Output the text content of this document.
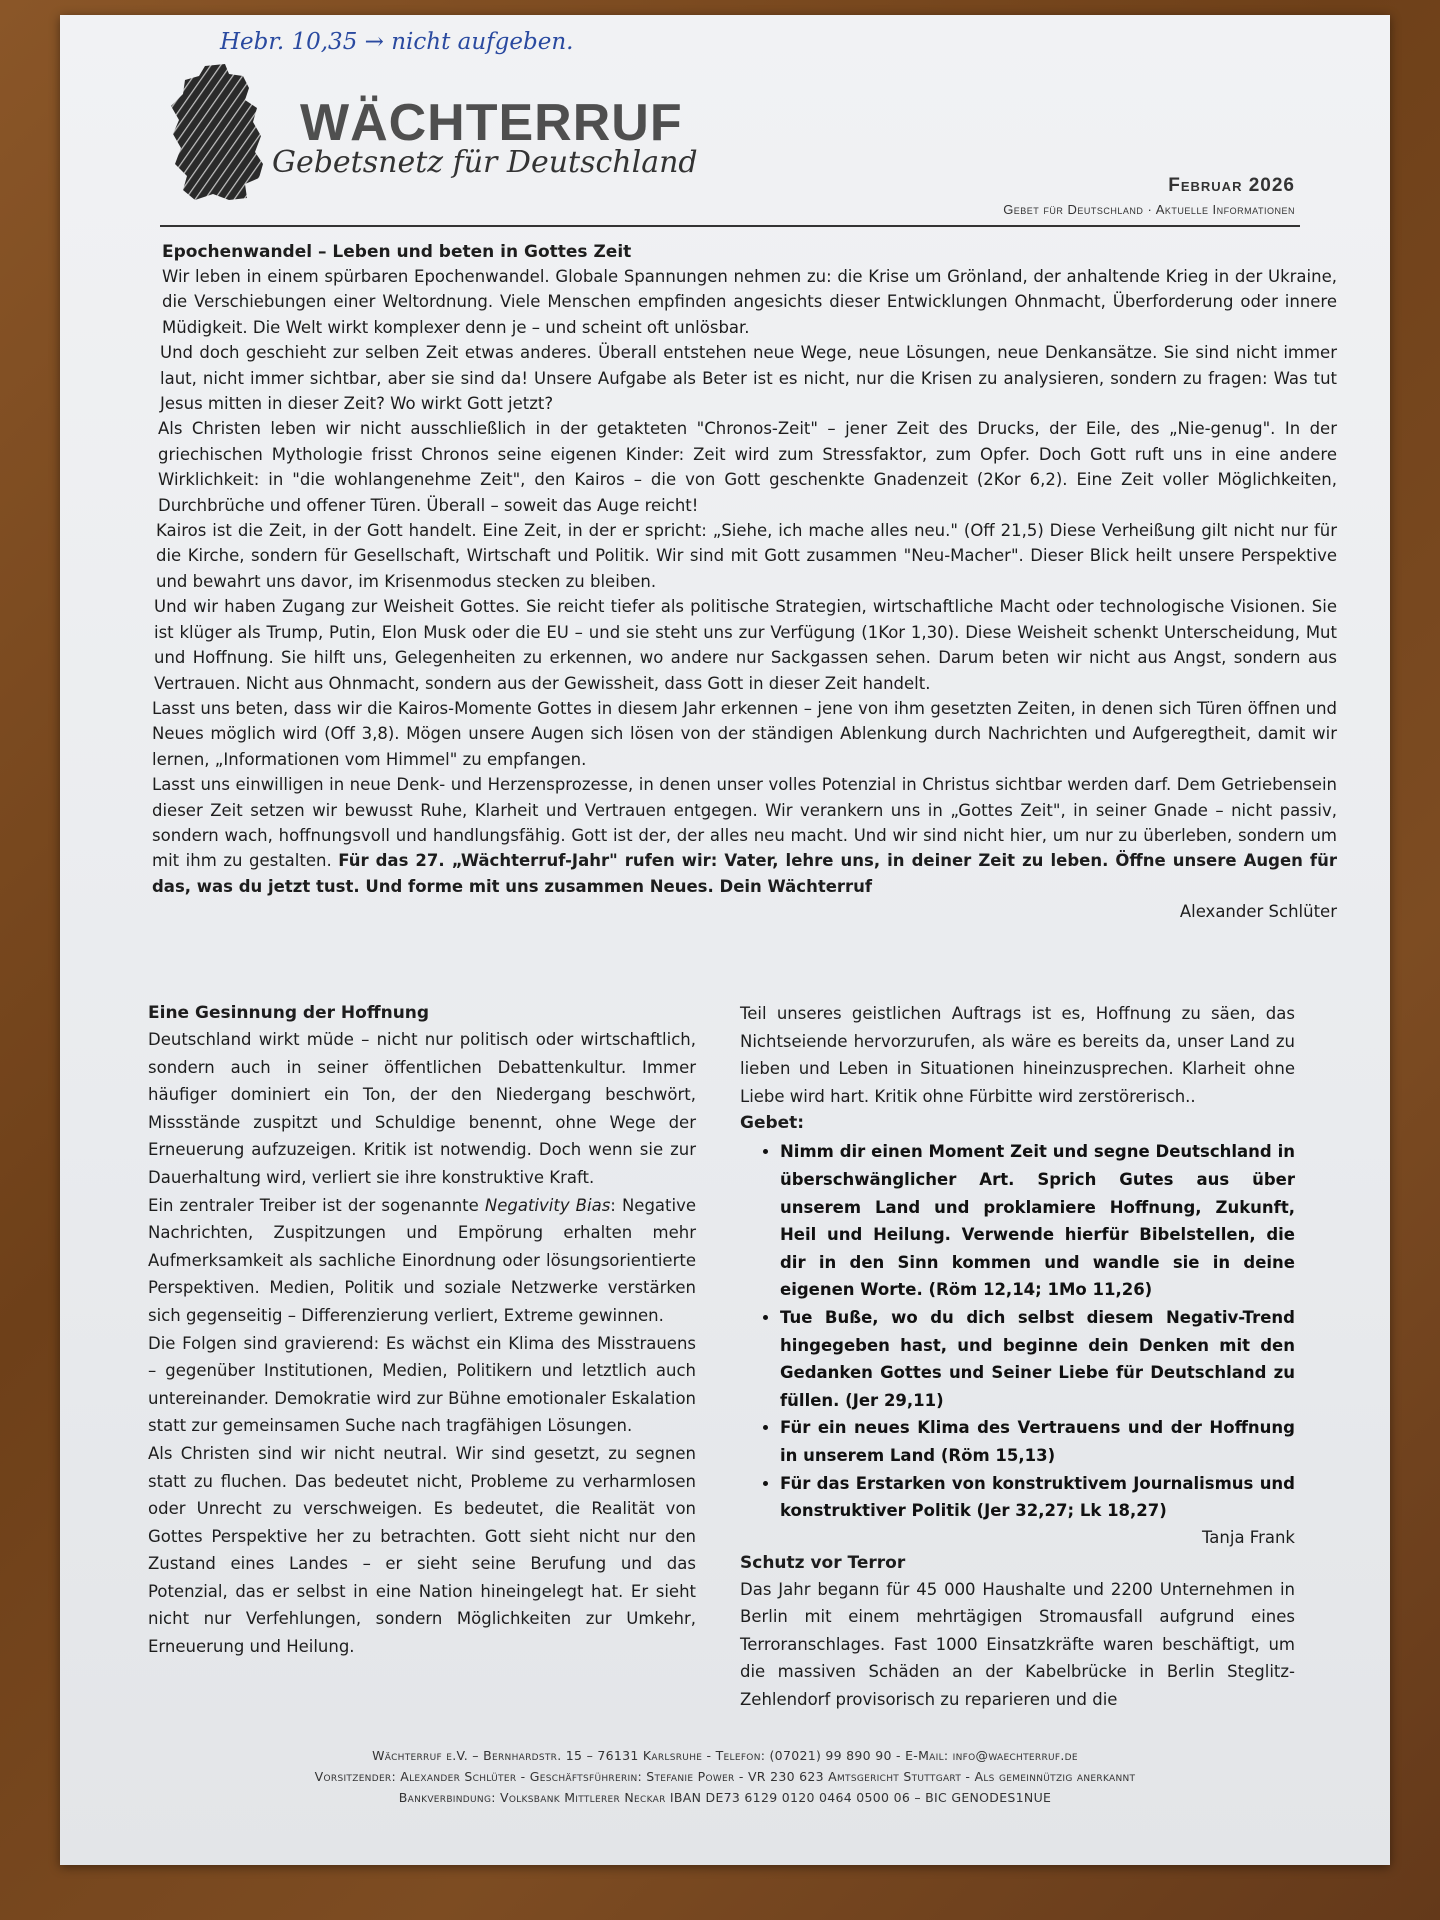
Hebr. 10,35 → nicht aufgeben.
WÄCHTERRUF
Gebetsnetz für Deutschland
Februar 2026
Gebet für Deutschland · Aktuelle Informationen
Epochenwandel – Leben und beten in Gottes Zeit

Wir leben in einem spürbaren Epochenwandel. Globale Spannungen nehmen zu: die Krise um Grönland, der anhaltende Krieg in der Ukraine, die Verschiebungen einer Weltordnung. Viele Menschen empfinden angesichts dieser Entwicklungen Ohnmacht, Überforderung oder innere Müdigkeit. Die Welt wirkt komplexer denn je – und scheint oft unlösbar.

Und doch geschieht zur selben Zeit etwas anderes. Überall entstehen neue Wege, neue Lösungen, neue Denkansätze. Sie sind nicht immer laut, nicht immer sichtbar, aber sie sind da! Unsere Aufgabe als Beter ist es nicht, nur die Krisen zu analysieren, sondern zu fragen: Was tut Jesus mitten in dieser Zeit? Wo wirkt Gott jetzt?

Als Christen leben wir nicht ausschließlich in der getakteten "Chronos-Zeit" – jener Zeit des Drucks, der Eile, des „Nie-genug". In der griechischen Mythologie frisst Chronos seine eigenen Kinder: Zeit wird zum Stressfaktor, zum Opfer. Doch Gott ruft uns in eine andere Wirklichkeit: in "die wohlangenehme Zeit", den Kairos – die von Gott geschenkte Gnadenzeit (2Kor 6,2). Eine Zeit voller Möglichkeiten, Durchbrüche und offener Türen. Überall – soweit das Auge reicht!

Kairos ist die Zeit, in der Gott handelt. Eine Zeit, in der er spricht: „Siehe, ich mache alles neu." (Off 21,5) Diese Verheißung gilt nicht nur für die Kirche, sondern für Gesellschaft, Wirtschaft und Politik. Wir sind mit Gott zusammen "Neu-Macher". Dieser Blick heilt unsere Perspektive und bewahrt uns davor, im Krisenmodus stecken zu bleiben.

Und wir haben Zugang zur Weisheit Gottes. Sie reicht tiefer als politische Strategien, wirtschaftliche Macht oder technologische Visionen. Sie ist klüger als Trump, Putin, Elon Musk oder die EU – und sie steht uns zur Verfügung (1Kor 1,30). Diese Weisheit schenkt Unterscheidung, Mut und Hoffnung. Sie hilft uns, Gelegenheiten zu erkennen, wo andere nur Sackgassen sehen. Darum beten wir nicht aus Angst, sondern aus Vertrauen. Nicht aus Ohnmacht, sondern aus der Gewissheit, dass Gott in dieser Zeit handelt.

Lasst uns beten, dass wir die Kairos-Momente Gottes in diesem Jahr erkennen – jene von ihm gesetzten Zeiten, in denen sich Türen öffnen und Neues möglich wird (Off 3,8). Mögen unsere Augen sich lösen von der ständigen Ablenkung durch Nachrichten und Aufgeregtheit, damit wir lernen, „Informationen vom Himmel" zu empfangen.

Lasst uns einwilligen in neue Denk- und Herzensprozesse, in denen unser volles Potenzial in Christus sichtbar werden darf. Dem Getriebensein dieser Zeit setzen wir bewusst Ruhe, Klarheit und Vertrauen entgegen. Wir verankern uns in „Gottes Zeit", in seiner Gnade – nicht passiv, sondern wach, hoffnungsvoll und handlungsfähig. Gott ist der, der alles neu macht. Und wir sind nicht hier, um nur zu überleben, sondern um mit ihm zu gestalten. Für das 27. „Wächterruf-Jahr" rufen wir: Vater, lehre uns, in deiner Zeit zu leben. Öffne unsere Augen für das, was du jetzt tust. Und forme mit uns zusammen Neues. Dein Wächterruf

Alexander Schlüter
Eine Gesinnung der Hoffnung

Deutschland wirkt müde – nicht nur politisch oder wirtschaftlich, sondern auch in seiner öffentlichen Debattenkultur. Immer häufiger dominiert ein Ton, der den Niedergang beschwört, Missstände zuspitzt und Schuldige benennt, ohne Wege der Erneuerung aufzuzeigen. Kritik ist notwendig. Doch wenn sie zur Dauerhaltung wird, verliert sie ihre konstruktive Kraft.

Ein zentraler Treiber ist der sogenannte Negativity Bias: Negative Nachrichten, Zuspitzungen und Empörung erhalten mehr Aufmerksamkeit als sachliche Einordnung oder lösungsorientierte Perspektiven. Medien, Politik und soziale Netzwerke verstärken sich gegenseitig – Differenzierung verliert, Extreme gewinnen.

Die Folgen sind gravierend: Es wächst ein Klima des Misstrauens – gegenüber Institutionen, Medien, Politikern und letztlich auch untereinander. Demokratie wird zur Bühne emotionaler Eskalation statt zur gemeinsamen Suche nach tragfähigen Lösungen.

Als Christen sind wir nicht neutral. Wir sind gesetzt, zu segnen statt zu fluchen. Das bedeutet nicht, Probleme zu verharmlosen oder Unrecht zu verschweigen. Es bedeutet, die Realität von Gottes Perspektive her zu betrachten. Gott sieht nicht nur den Zustand eines Landes – er sieht seine Berufung und das Potenzial, das er selbst in eine Nation hineingelegt hat. Er sieht nicht nur Verfehlungen, sondern Möglichkeiten zur Umkehr, Erneuerung und Heilung.

Teil unseres geistlichen Auftrags ist es, Hoffnung zu säen, das Nichtseiende hervorzurufen, als wäre es bereits da, unser Land zu lieben und Leben in Situationen hineinzusprechen. Klarheit ohne Liebe wird hart. Kritik ohne Fürbitte wird zerstörerisch..

Gebet:
• Nimm dir einen Moment Zeit und segne Deutschland in überschwänglicher Art. Sprich Gutes aus über unserem Land und proklamiere Hoffnung, Zukunft, Heil und Heilung. Verwende hierfür Bibelstellen, die dir in den Sinn kommen und wandle sie in deine eigenen Worte. (Röm 12,14; 1Mo 11,26)
• Tue Buße, wo du dich selbst diesem Negativ-Trend hingegeben hast, und beginne dein Denken mit den Gedanken Gottes und Seiner Liebe für Deutschland zu füllen. (Jer 29,11)
• Für ein neues Klima des Vertrauens und der Hoffnung in unserem Land (Röm 15,13)
• Für das Erstarken von konstruktivem Journalismus und konstruktiver Politik (Jer 32,27; Lk 18,27)
Tanja Frank
Schutz vor Terror

Das Jahr begann für 45 000 Haushalte und 2200 Unternehmen in Berlin mit einem mehrtägigen Stromausfall aufgrund eines Terroranschlages. Fast 1000 Einsatzkräfte waren beschäftigt, um die massiven Schäden an der Kabelbrücke in Berlin Steglitz-Zehlendorf provisorisch zu reparieren und die

Wächterruf e.V. – Bernhardstr. 15 – 76131 Karlsruhe - Telefon: (07021) 99 890 90 - E-Mail: info@waechterruf.de
Vorsitzender: Alexander Schlüter - Geschäftsführerin: Stefanie Power - VR 230 623 Amtsgericht Stuttgart - Als gemeinnützig anerkannt
Bankverbindung: Volksbank Mittlerer Neckar IBAN DE73 6129 0120 0464 0500 06 – BIC GENODES1NUE
